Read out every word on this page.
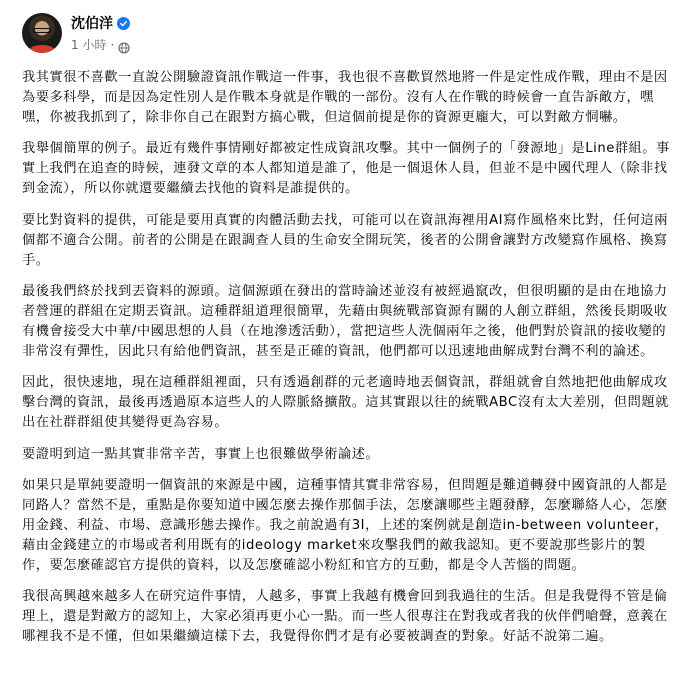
沈伯洋
1 小時 ·

我其實很不喜歡一直說公開驗證資訊作戰這一件事，我也很不喜歡貿然地將一件是定性成作戰，理由不是因為要多科學，而是因為定性別人是作戰本身就是作戰的一部份。沒有人在作戰的時候會一直告訴敵方，嘿嘿，你被我抓到了，除非你自己在跟對方搞心戰，但這個前提是你的資源更龐大，可以對敵方恫嚇。

我舉個簡單的例子。最近有幾件事情剛好都被定性成資訊攻擊。其中一個例子的「發源地」是Line群組。事實上我們在追查的時候，連發文章的本人都知道是誰了，他是一個退休人員，但並不是中國代理人（除非找到金流），所以你就還要繼續去找他的資料是誰提供的。

要比對資料的提供，可能是要用真實的肉體活動去找，可能可以在資訊海裡用AI寫作風格來比對，任何這兩個都不適合公開。前者的公開是在跟調查人員的生命安全開玩笑，後者的公開會讓對方改變寫作風格、換寫手。

最後我們終於找到丟資料的源頭。這個源頭在發出的當時論述並沒有被經過竄改，但很明顯的是由在地協力者營運的群組在定期丟資訊。這種群組道理很簡單，先藉由與統戰部資源有關的人創立群組，然後長期吸收有機會接受大中華/中國思想的人員（在地滲透活動），當把這些人洗個兩年之後，他們對於資訊的接收變的非常沒有彈性，因此只有給他們資訊，甚至是正確的資訊，他們都可以迅速地曲解成對台灣不利的論述。

因此，很快速地，現在這種群組裡面，只有透過創群的元老適時地丟個資訊，群組就會自然地把他曲解成攻擊台灣的資訊，最後再透過原本這些人的人際脈絡擴散。這其實跟以往的統戰ABC沒有太大差別，但問題就出在社群群組使其變得更為容易。

要證明到這一點其實非常辛苦，事實上也很難做學術論述。

如果只是單純要證明一個資訊的來源是中國，這種事情其實非常容易，但問題是難道轉發中國資訊的人都是同路人？當然不是，重點是你要知道中國怎麼去操作那個手法，怎麼讓哪些主題發酵，怎麼聯絡人心，怎麼用金錢、利益、市場、意識形態去操作。我之前說過有3I，上述的案例就是創造in-between volunteer，藉由金錢建立的市場或者利用既有的ideology market來攻擊我們的敵我認知。更不要說那些影片的製作，要怎麼確認官方提供的資料，以及怎麼確認小粉紅和官方的互動，都是令人苦惱的問題。

我很高興越來越多人在研究這件事情，人越多，事實上我越有機會回到我過往的生活。但是我覺得不管是倫理上，還是對敵方的認知上，大家必須再更小心一點。而一些人很專注在對我或者我的伙伴們嗆聲，意義在哪裡我不是不懂，但如果繼續這樣下去，我覺得你們才是有必要被調查的對象。好話不說第二遍。
